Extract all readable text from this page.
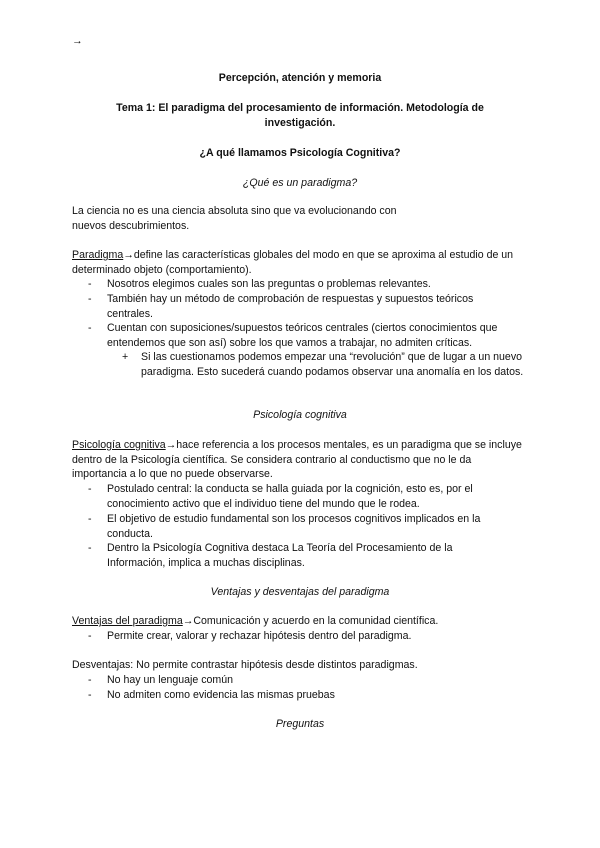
→
Percepción, atención y memoria
Tema 1: El paradigma del procesamiento de información. Metodología de investigación.
¿A qué llamamos Psicología Cognitiva?
¿Qué es un paradigma?
La ciencia no es una ciencia absoluta sino que va evolucionando con nuevos descubrimientos.
Paradigma→define las características globales del modo en que se aproxima al estudio de un determinado objeto (comportamiento).
- Nosotros elegimos cuales son las preguntas o problemas relevantes.
- También hay un método de comprobación de respuestas y supuestos teóricos centrales.
- Cuentan con suposiciones/supuestos teóricos centrales (ciertos conocimientos que entendemos que son así) sobre los que vamos a trabajar, no admiten críticas.
+ Si las cuestionamos podemos empezar una “revolución” que de lugar a un nuevo paradigma. Esto sucederá cuando podamos observar una anomalía en los datos.
Psicología cognitiva
Psicología cognitiva→hace referencia a los procesos mentales, es un paradigma que se incluye dentro de la Psicología científica. Se considera contrario al conductismo que no le da importancia a lo que no puede observarse.
- Postulado central: la conducta se halla guiada por la cognición, esto es, por el conocimiento activo que el individuo tiene del mundo que le rodea.
- El objetivo de estudio fundamental son los procesos cognitivos implicados en la conducta.
- Dentro la Psicología Cognitiva destaca La Teoría del Procesamiento de la Información, implica a muchas disciplinas.
Ventajas y desventajas del paradigma
Ventajas del paradigma→Comunicación y acuerdo en la comunidad científica.
- Permite crear, valorar y rechazar hipótesis dentro del paradigma.
Desventajas: No permite contrastar hipótesis desde distintos paradigmas.
- No hay un lenguaje común
- No admiten como evidencia las mismas pruebas
Preguntas
